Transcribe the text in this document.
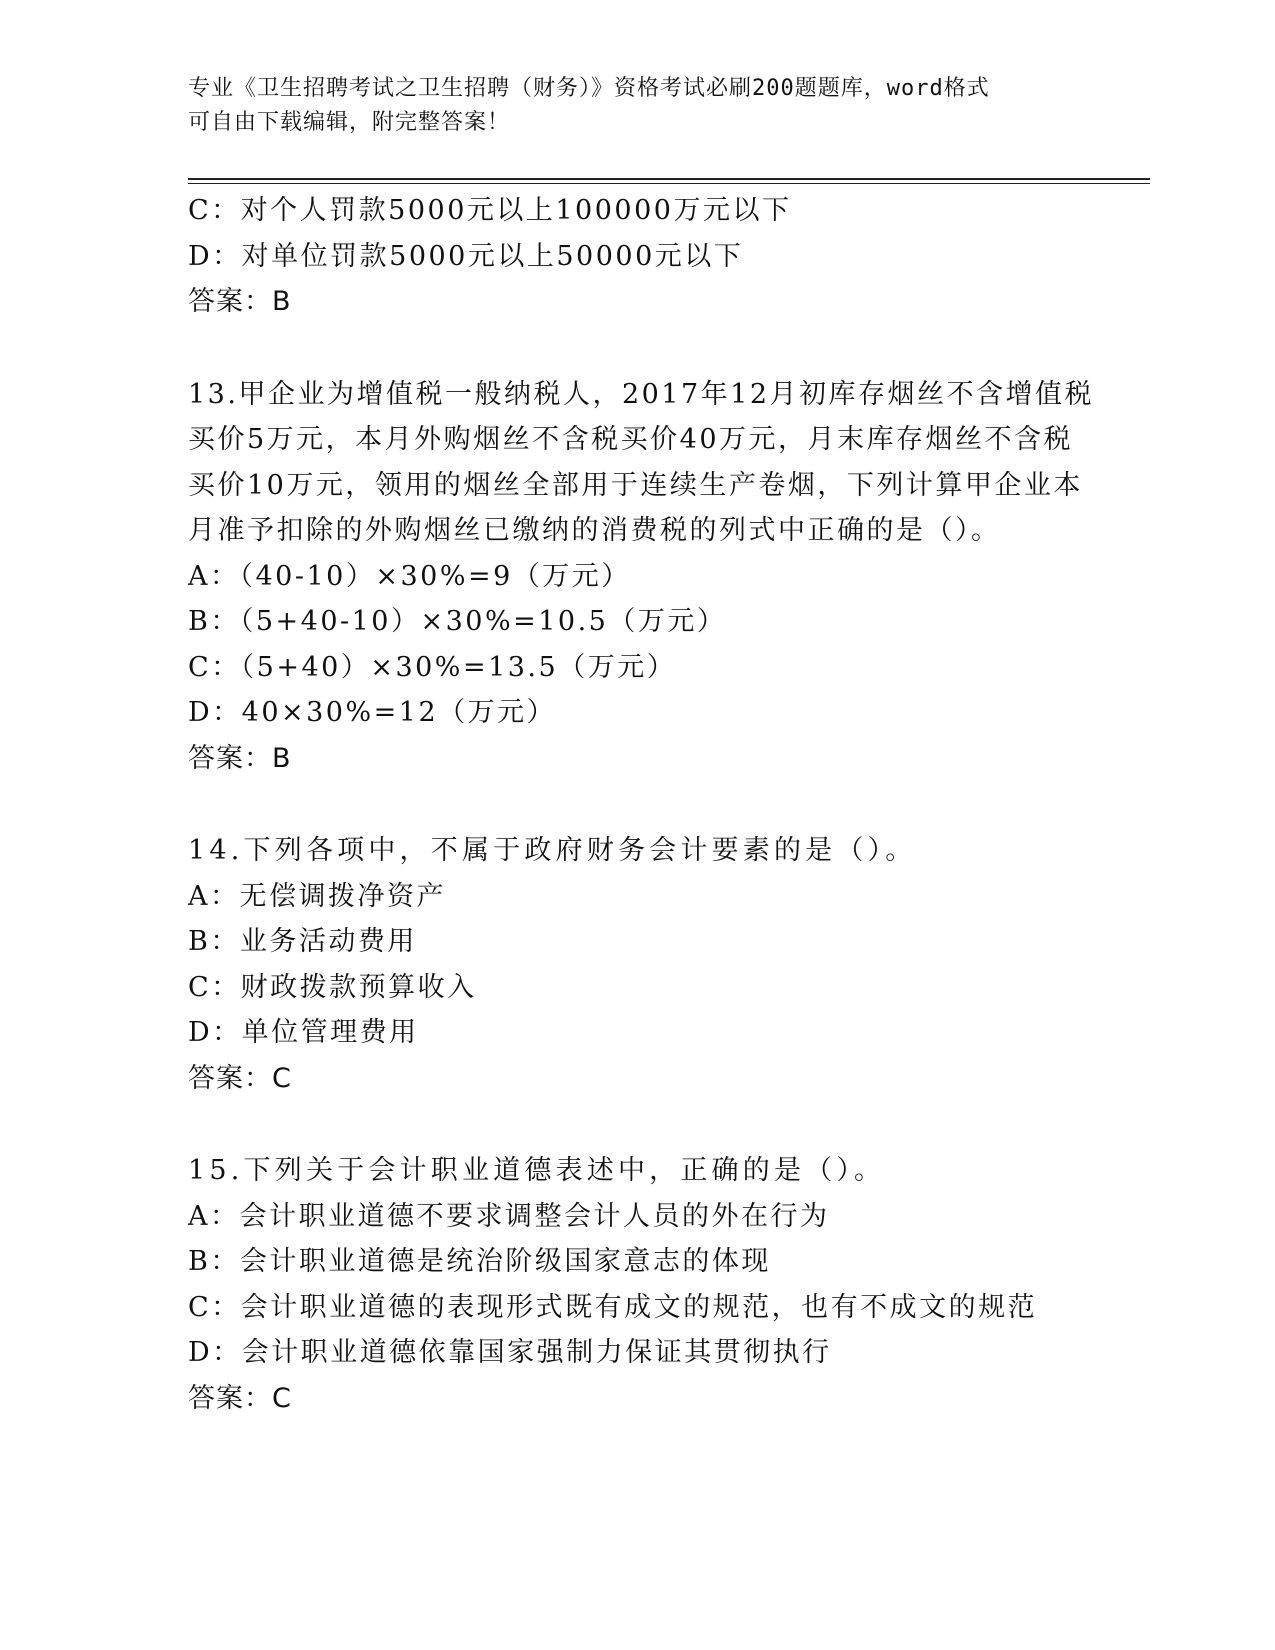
专业《卫生招聘考试之卫生招聘（财务）》资格考试必刷200题题库，word格式
可自由下载编辑，附完整答案！
C：对个人罚款5000元以上100000万元以下
D：对单位罚款5000元以上50000元以下
答案：B
13.甲企业为增值税一般纳税人，2017年12月初库存烟丝不含增值税
买价5万元，本月外购烟丝不含税买价40万元，月末库存烟丝不含税
买价10万元，领用的烟丝全部用于连续生产卷烟，下列计算甲企业本
月准予扣除的外购烟丝已缴纳的消费税的列式中正确的是（）。
A：（40-10）×30%=9（万元）
B：（5+40-10）×30%=10.5（万元）
C：（5+40）×30%=13.5（万元）
D：40×30%=12（万元）
答案：B
14.下列各项中，不属于政府财务会计要素的是（）。
A：无偿调拨净资产
B：业务活动费用
C：财政拨款预算收入
D：单位管理费用
答案：C
15.下列关于会计职业道德表述中，正确的是（）。
A：会计职业道德不要求调整会计人员的外在行为
B：会计职业道德是统治阶级国家意志的体现
C：会计职业道德的表现形式既有成文的规范，也有不成文的规范
D：会计职业道德依靠国家强制力保证其贯彻执行
答案：C
